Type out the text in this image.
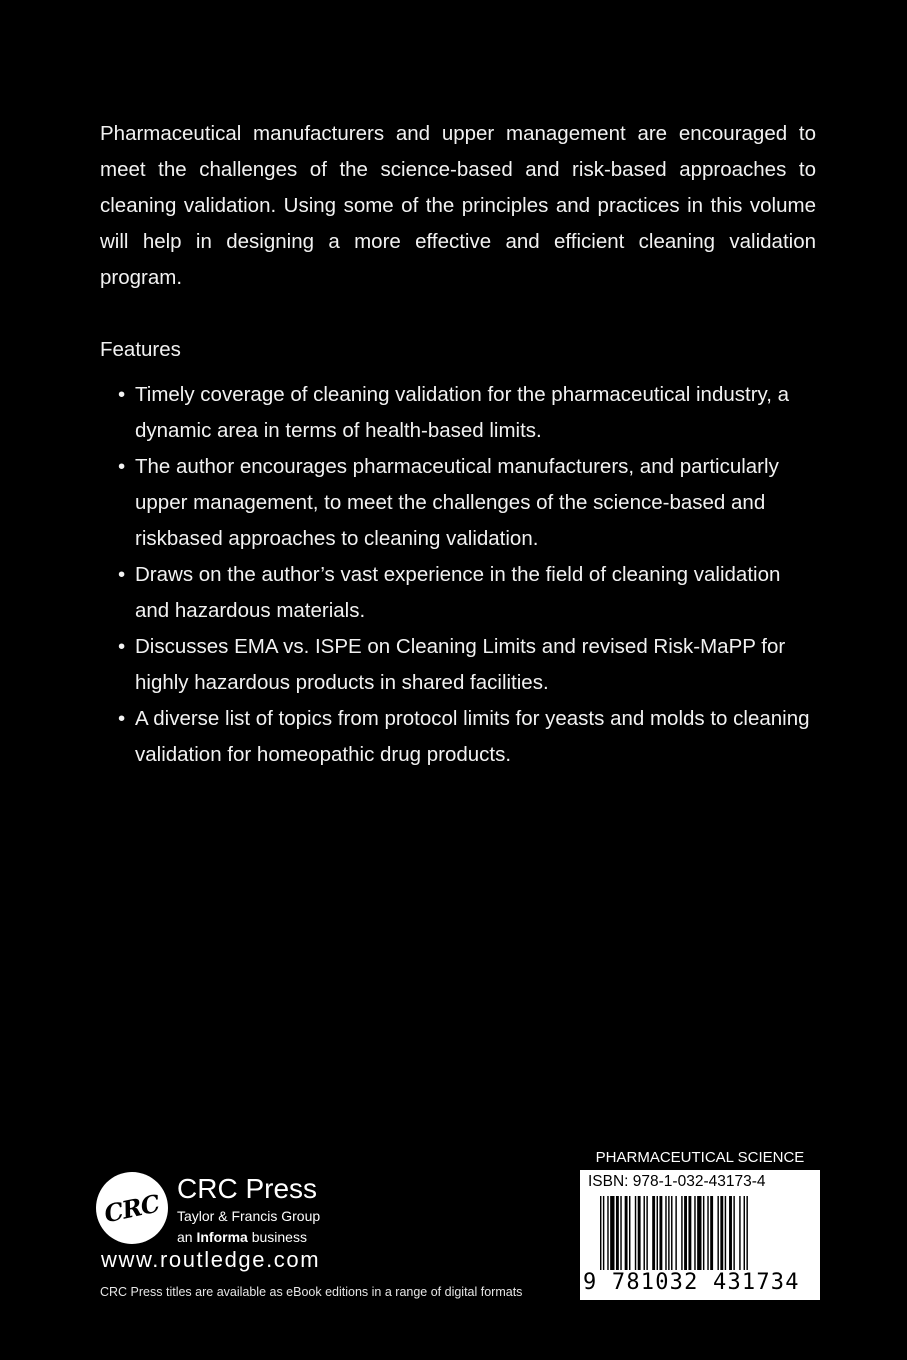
Pharmaceutical manufacturers and upper management are encouraged to meet the challenges of the science-based and risk-based approaches to cleaning validation. Using some of the principles and practices in this volume will help in designing a more effective and efficient cleaning validation program.

Features

• Timely coverage of cleaning validation for the pharmaceutical industry, a dynamic area in terms of health-based limits.
• The author encourages pharmaceutical manufacturers, and particularly upper management, to meet the challenges of the science-based and riskbased approaches to cleaning validation.
• Draws on the author’s vast experience in the field of cleaning validation and hazardous materials.
• Discusses EMA vs. ISPE on Cleaning Limits and revised Risk-MaPP for highly hazardous products in shared facilities.
• A diverse list of topics from protocol limits for yeasts and molds to cleaning validation for homeopathic drug products.
CRC CRC Press
Taylor & Francis Group
an Informa business
www.routledge.com
CRC Press titles are available as eBook editions in a range of digital formats
PHARMACEUTICAL SCIENCE
ISBN: 978-1-032-43173-4
9 781032 431734
